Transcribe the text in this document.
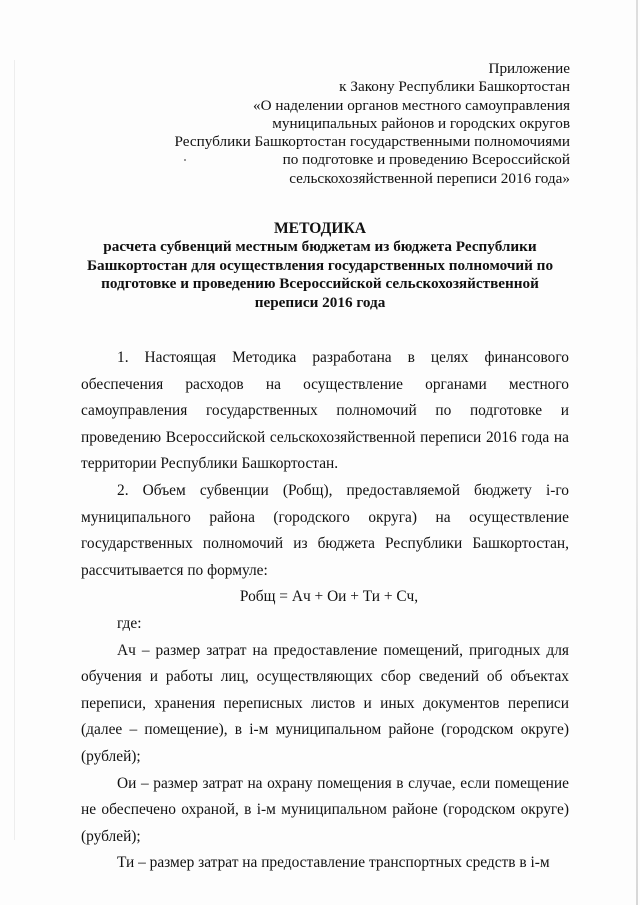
Приложение
к Закону Республики Башкортостан
«О наделении органов местного самоуправления
муниципальных районов и городских округов
Республики Башкортостан государственными полномочиями
по подготовке и проведению Всероссийской
сельскохозяйственной переписи 2016 года»
МЕТОДИКА
расчета субвенций местным бюджетам из бюджета Республики
Башкортостан для осуществления государственных полномочий по
подготовке и проведению Всероссийской сельскохозяйственной
переписи 2016 года

1. Настоящая Методика разработана в целях финансового обеспечения расходов на осуществление органами местного самоуправления государственных полномочий по подготовке и проведению Всероссийской сельскохозяйственной переписи 2016 года на территории Республики Башкортостан.

2. Объем субвенции (Робщ), предоставляемой бюджету i-го муниципального района (городского округа) на осуществление государственных полномочий из бюджета Республики Башкортостан, рассчитывается по формуле:

Робщ = Ач + Ои + Ти + Сч,

где:

Ач – размер затрат на предоставление помещений, пригодных для обучения и работы лиц, осуществляющих сбор сведений об объектах переписи, хранения переписных листов и иных документов переписи (далее – помещение), в i-м муниципальном районе (городском округе) (рублей);

Ои – размер затрат на охрану помещения в случае, если помещение не обеспечено охраной, в i-м муниципальном районе (городском округе) (рублей);

Ти – размер затрат на предоставление транспортных средств в i-м
